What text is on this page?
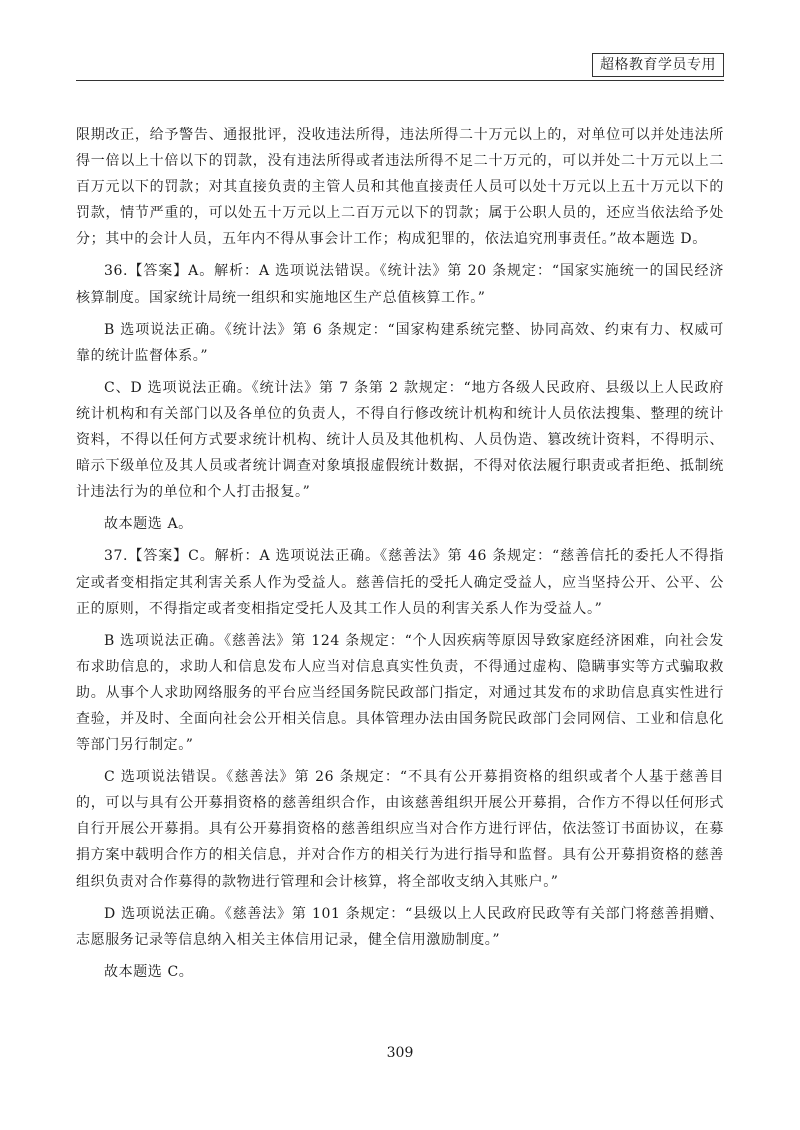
超格教育学员专用

限期改正，给予警告、通报批评，没收违法所得，违法所得二十万元以上的，对单位可以并处违法所得一倍以上十倍以下的罚款，没有违法所得或者违法所得不足二十万元的，可以并处二十万元以上二百万元以下的罚款；对其直接负责的主管人员和其他直接责任人员可以处十万元以上五十万元以下的罚款，情节严重的，可以处五十万元以上二百万元以下的罚款；属于公职人员的，还应当依法给予处分；其中的会计人员，五年内不得从事会计工作；构成犯罪的，依法追究刑事责任。”故本题选 D。

36.【答案】A。解析：A 选项说法错误。《统计法》第 20 条规定：“国家实施统一的国民经济核算制度。国家统计局统一组织和实施地区生产总值核算工作。”

B 选项说法正确。《统计法》第 6 条规定：“国家构建系统完整、协同高效、约束有力、权威可靠的统计监督体系。”

C、D 选项说法正确。《统计法》第 7 条第 2 款规定：“地方各级人民政府、县级以上人民政府统计机构和有关部门以及各单位的负责人，不得自行修改统计机构和统计人员依法搜集、整理的统计资料，不得以任何方式要求统计机构、统计人员及其他机构、人员伪造、篡改统计资料，不得明示、暗示下级单位及其人员或者统计调查对象填报虚假统计数据，不得对依法履行职责或者拒绝、抵制统计违法行为的单位和个人打击报复。”

故本题选 A。

37.【答案】C。解析：A 选项说法正确。《慈善法》第 46 条规定：“慈善信托的委托人不得指定或者变相指定其利害关系人作为受益人。慈善信托的受托人确定受益人，应当坚持公开、公平、公正的原则，不得指定或者变相指定受托人及其工作人员的利害关系人作为受益人。”

B 选项说法正确。《慈善法》第 124 条规定：“个人因疾病等原因导致家庭经济困难，向社会发布求助信息的，求助人和信息发布人应当对信息真实性负责，不得通过虚构、隐瞒事实等方式骗取救助。从事个人求助网络服务的平台应当经国务院民政部门指定，对通过其发布的求助信息真实性进行查验，并及时、全面向社会公开相关信息。具体管理办法由国务院民政部门会同网信、工业和信息化等部门另行制定。”

C 选项说法错误。《慈善法》第 26 条规定：“不具有公开募捐资格的组织或者个人基于慈善目的，可以与具有公开募捐资格的慈善组织合作，由该慈善组织开展公开募捐，合作方不得以任何形式自行开展公开募捐。具有公开募捐资格的慈善组织应当对合作方进行评估，依法签订书面协议，在募捐方案中载明合作方的相关信息，并对合作方的相关行为进行指导和监督。具有公开募捐资格的慈善组织负责对合作募得的款物进行管理和会计核算，将全部收支纳入其账户。”

D 选项说法正确。《慈善法》第 101 条规定：“县级以上人民政府民政等有关部门将慈善捐赠、志愿服务记录等信息纳入相关主体信用记录，健全信用激励制度。”

故本题选 C。

309
